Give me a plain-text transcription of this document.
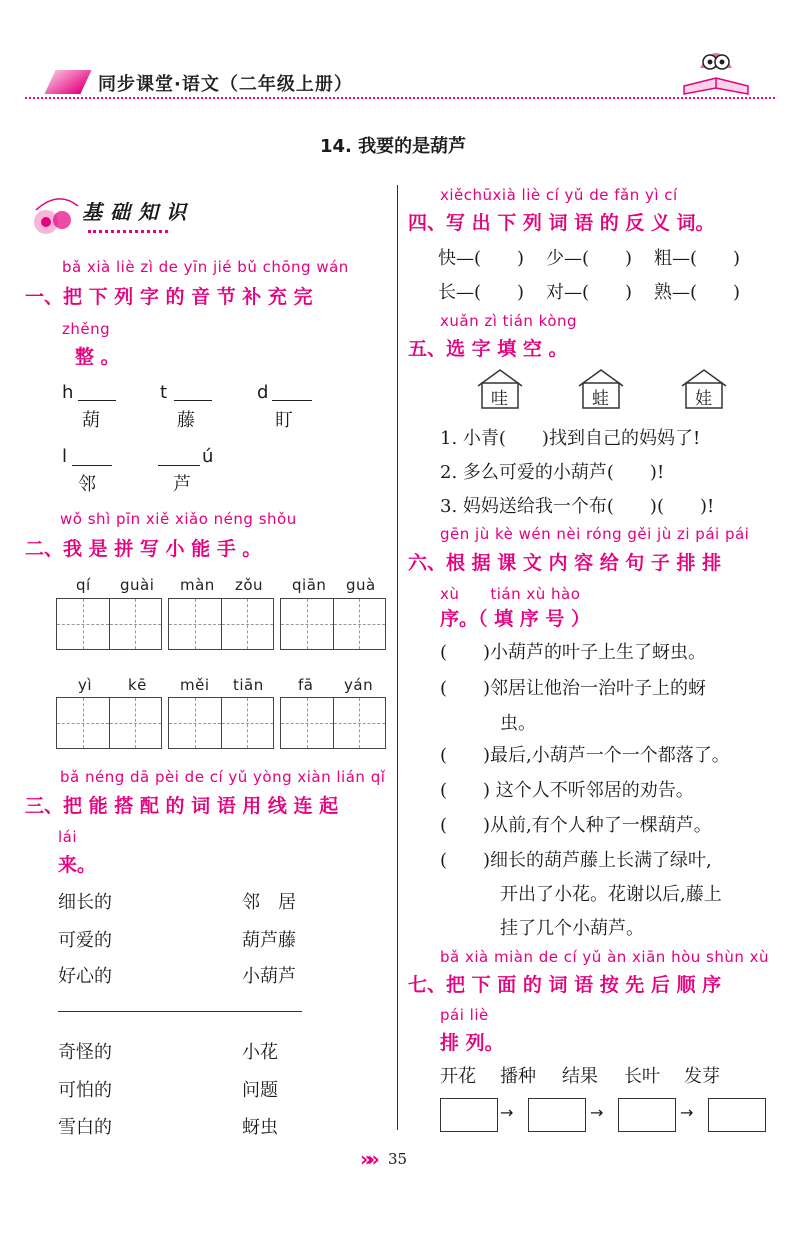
同步课堂·语文（二年级上册）
14. 我要的是葫芦
基础知识
bǎ xià liè zì de yīn jié bǔ chōng wán
一、把 下 列 字 的 音 节 补 充 完
zhěng
整 。
h
葫
t
藤
d
盯
l
邻
ú
芦
wǒ shì pīn xiě xiǎo néng shǒu
二、我 是 拼 写 小 能 手 。
qí guài màn zǒu qiān guà
yì kē měi tiān fā yán
bǎ néng dā pèi de cí yǔ yòng xiàn lián qǐ
三、把 能 搭 配 的 词 语 用 线 连 起
lái
来。
细长的
可爱的
好心的
邻　居
葫芦藤
小葫芦
奇怪的
可怕的
雪白的
小花
问题
蚜虫
xiěchūxià liè cí yǔ de fǎn yì cí
四、写 出 下 列 词 语 的 反 义 词。
快—(　　) 少—(　　) 粗—(　　)
长—(　　) 对—(　　) 熟—(　　)
xuǎn zì tián kòng
五、选 字 填 空 。
哇	蛙	娃
1. 小青(　　)找到自己的妈妈了!
2. 多么可爱的小葫芦(　　)!
3. 妈妈送给我一个布(　　)(　　)!
gēn jù kè wén nèi róng gěi jù zi pái pái
六、根 据 课 文 内 容 给 句 子 排 排
xù　　tián xù hào
序。（ 填 序 号 ）
(　　)小葫芦的叶子上生了蚜虫。
(　　)邻居让他治一治叶子上的蚜
虫。
(　　)最后,小葫芦一个一个都落了。
(　　) 这个人不听邻居的劝告。
(　　)从前,有个人种了一棵葫芦。
(　　)细长的葫芦藤上长满了绿叶,
开出了小花。花谢以后,藤上
挂了几个小葫芦。
bǎ xià miàn de cí yǔ àn xiān hòu shùn xù
七、把 下 面 的 词 语 按 先 后 顺 序
pái liè
排 列。
开花 播种 结果 长叶 发芽
→	→	→
»» 35
